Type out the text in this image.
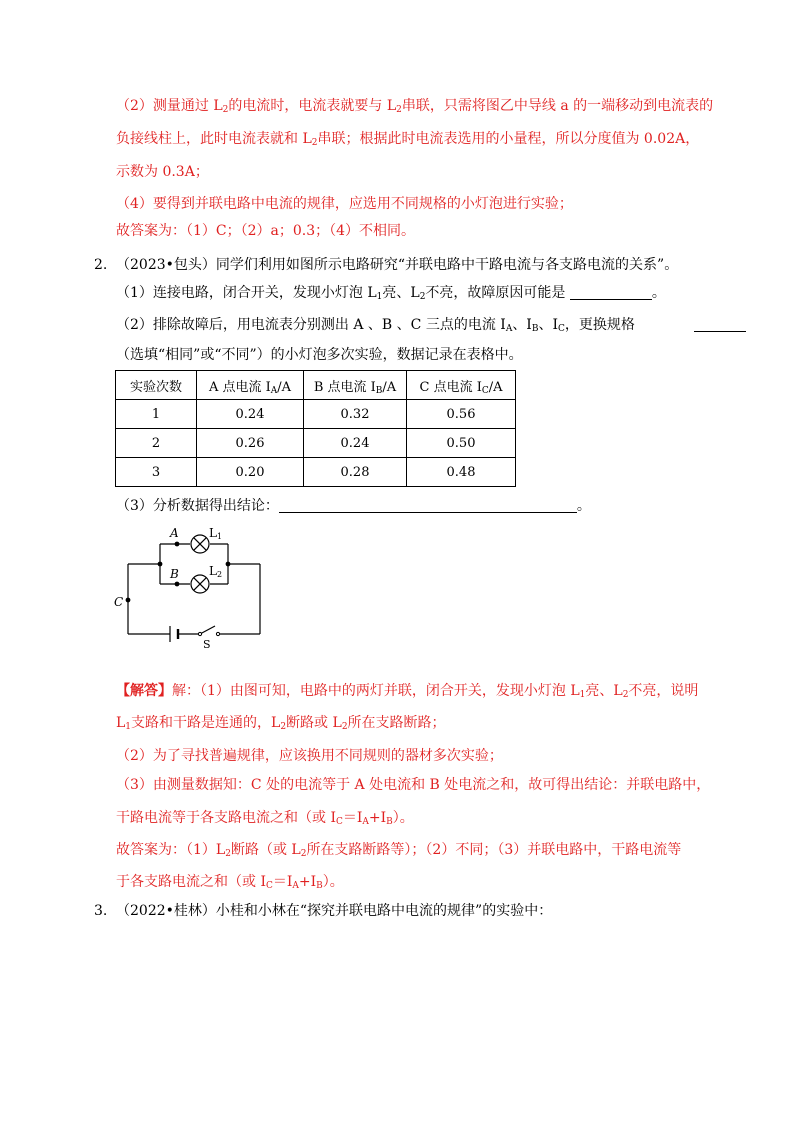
（2）测量通过 $L_2$的电流时，电流表就要与 $L_2$串联，只需将图乙中导线 a 的一端移动到电流表的
负接线柱上，此时电流表就和 $L_2$串联；根据此时电流表选用的小量程，所以分度值为 0.02A，
示数为 0.3A；
（4）要得到并联电路中电流的规律，应选用不同规格的小灯泡进行实验；
故答案为：（1）C；（2）a；0.3；（4）不相同。
2. （2023•包头）同学们利用如图所示电路研究“并联电路中干路电流与各支路电流的关系”。
（1）连接电路，闭合开关，发现小灯泡 $L_1$亮、$L_2$不亮，故障原因可能是	。
（2）排除故障后，用电流表分别测出 A 、B 、C 三点的电流 $I_A$、$I_B$、$I_C$，更换规格
（选填“相同”或“不同”）的小灯泡多次实验，数据记录在表格中。
实验次数	A 点电流 $I_A/A$	B 点电流 $I_B/A$	C 点电流 $I_C/A$
1	0.24	0.32	0.56
2	0.26	0.24	0.50
3	0.20	0.28	0.48
（3）分析数据得出结论：	。
A
B
C
L1
L2
S
【解答】解：（1）由图可知，电路中的两灯并联，闭合开关，发现小灯泡 $L_1$亮、$L_2$不亮，说明
$L_1$支路和干路是连通的，$L_2$断路或 $L_2$所在支路断路；
（2）为了寻找普遍规律，应该换用不同规则的器材多次实验；
（3）由测量数据知：C 处的电流等于 A 处电流和 B 处电流之和，故可得出结论：并联电路中，
干路电流等于各支路电流之和（或 $I_C=I_A+I_B$）。
故答案为：$(1)L_2$断路（或 $L_2$所在支路断路等）；（2）不同；（3）并联电路中，干路电流等
于各支路电流之和（或 $I_C=I_A+I_B$）。
3. （2022•桂林）小桂和小林在“探究并联电路中电流的规律”的实验中：
